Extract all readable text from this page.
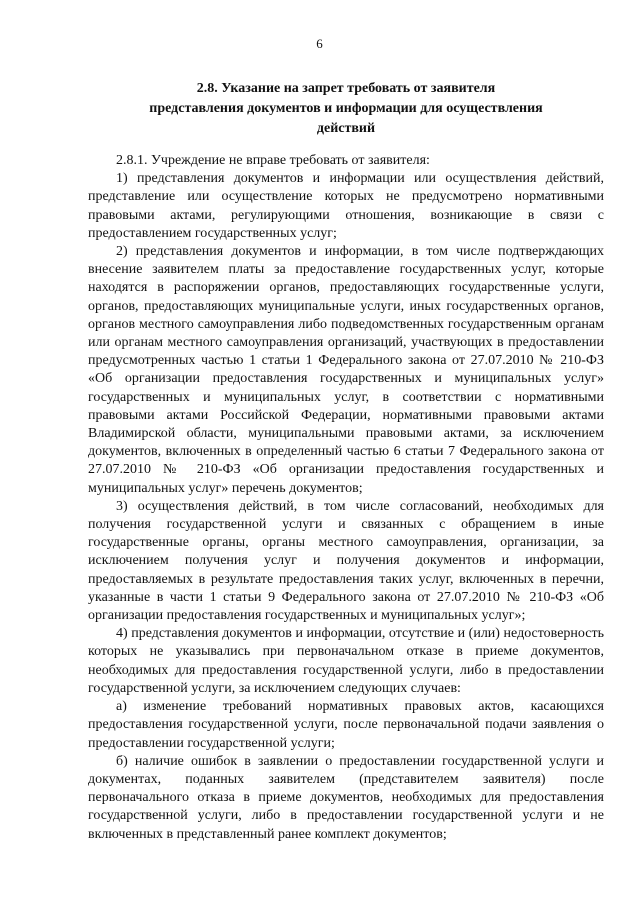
6
2.8. Указание на запрет требовать от заявителя
представления документов и информации для осуществления
действий

2.8.1. Учреждение не вправе требовать от заявителя:

1) представления документов и информации или осуществления действий, представление или осуществление которых не предусмотрено нормативными правовыми актами, регулирующими отношения, возникающие в связи с предоставлением государственных услуг;

2) представления документов и информации, в том числе подтверждающих внесение заявителем платы за предоставление государственных услуг, которые находятся в распоряжении органов, предоставляющих государственные услуги, органов, предоставляющих муниципальные услуги, иных государственных органов, органов местного самоуправления либо подведомственных государственным органам или органам местного самоуправления организаций, участвующих в предоставлении предусмотренных частью 1 статьи 1 Федерального закона от 27.07.2010 № 210-ФЗ «Об организации предоставления государственных и муниципальных услуг» государственных и муниципальных услуг, в соответствии с нормативными правовыми актами Российской Федерации, нормативными правовыми актами Владимирской области, муниципальными правовыми актами, за исключением документов, включенных в определенный частью 6 статьи 7 Федерального закона от 27.07.2010 № 210-ФЗ «Об организации предоставления государственных и муниципальных услуг» перечень документов;

3) осуществления действий, в том числе согласований, необходимых для получения государственной услуги и связанных с обращением в иные государственные органы, органы местного самоуправления, организации, за исключением получения услуг и получения документов и информации, предоставляемых в результате предоставления таких услуг, включенных в перечни, указанные в части 1 статьи 9 Федерального закона от 27.07.2010 № 210-ФЗ «Об организации предоставления государственных и муниципальных услуг»;

4) представления документов и информации, отсутствие и (или) недостоверность которых не указывались при первоначальном отказе в приеме документов, необходимых для предоставления государственной услуги, либо в предоставлении государственной услуги, за исключением следующих случаев:

а) изменение требований нормативных правовых актов, касающихся предоставления государственной услуги, после первоначальной подачи заявления о предоставлении государственной услуги;

б) наличие ошибок в заявлении о предоставлении государственной услуги и документах, поданных заявителем (представителем заявителя) после первоначального отказа в приеме документов, необходимых для предоставления государственной услуги, либо в предоставлении государственной услуги и не включенных в представленный ранее комплект документов;
